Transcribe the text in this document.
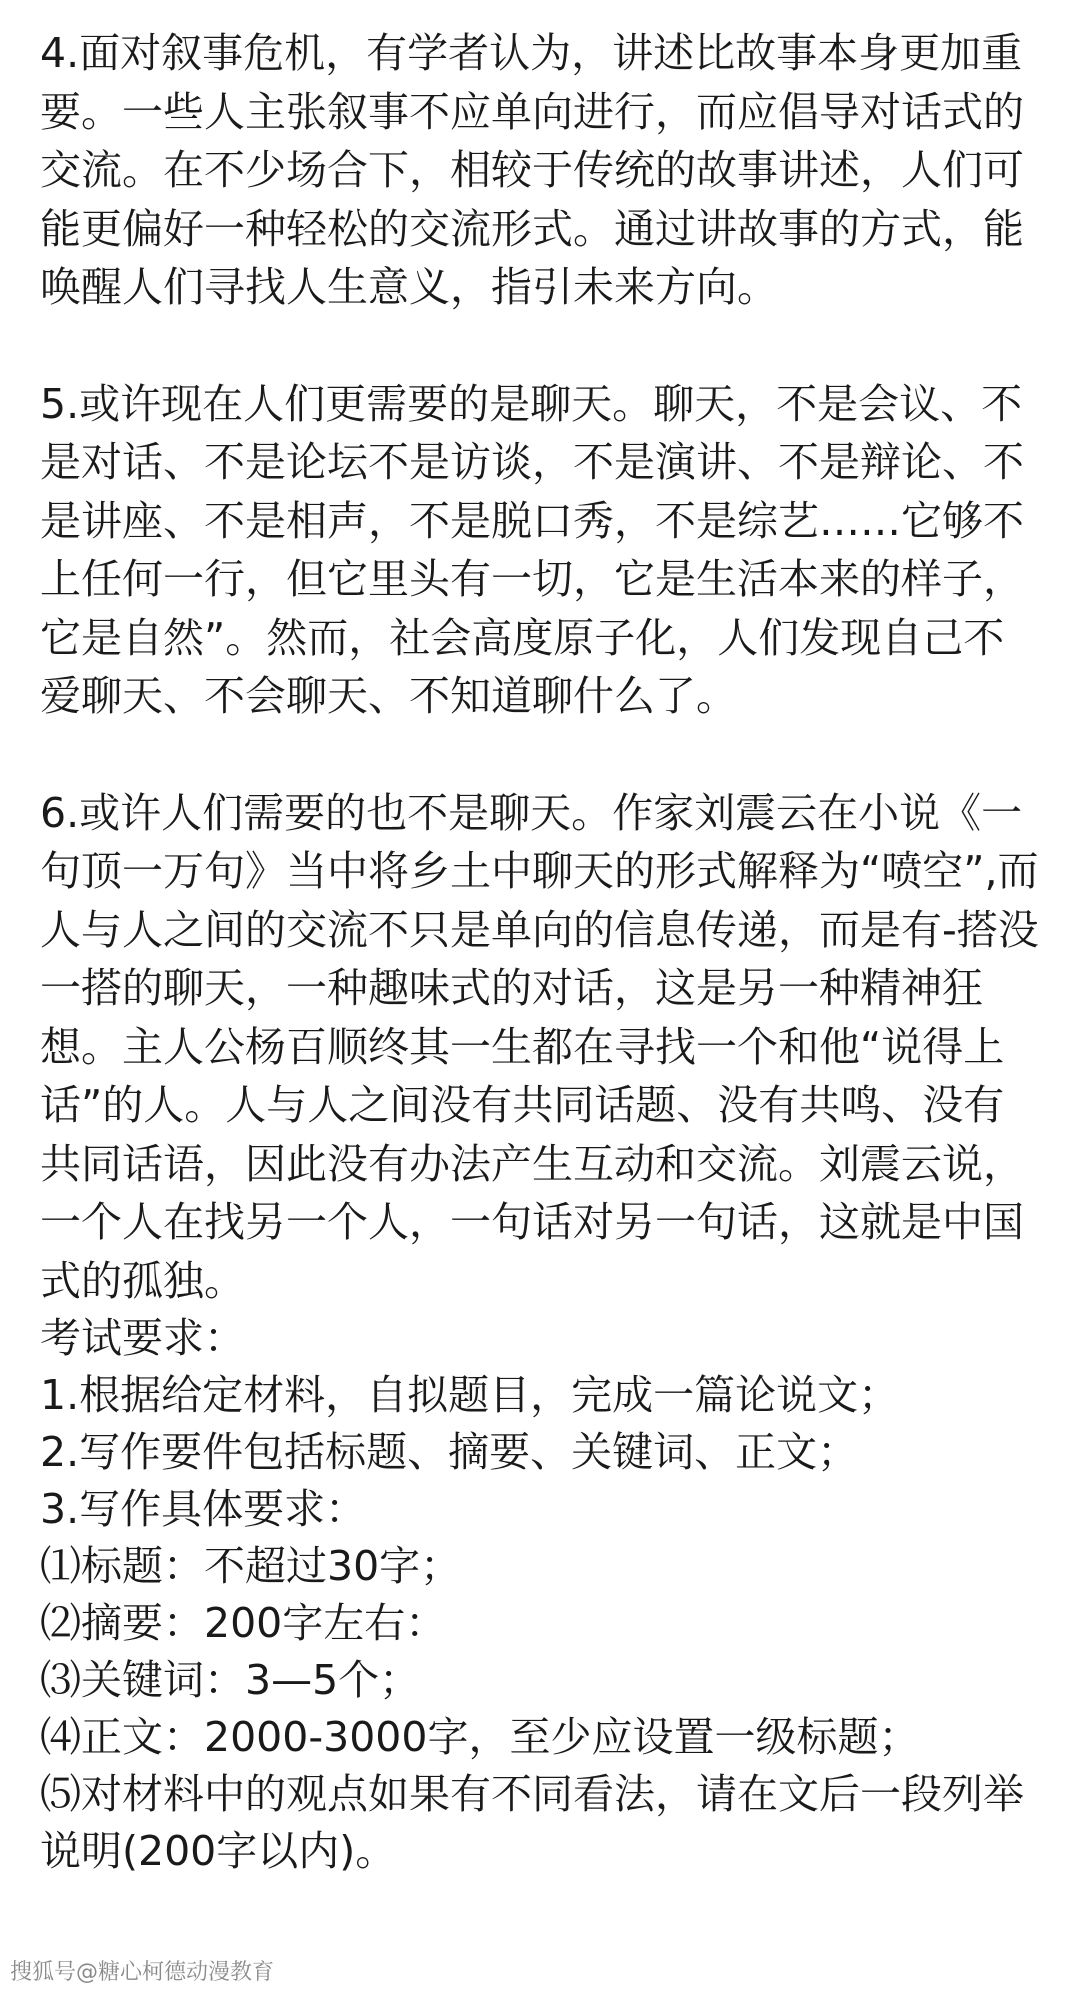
4.面对叙事危机，有学者认为，讲述比故事本身更加重要。一些人主张叙事不应单向进行，而应倡导对话式的交流。在不少场合下，相较于传统的故事讲述，人们可能更偏好一种轻松的交流形式。通过讲故事的方式，能唤醒人们寻找人生意义，指引未来方向。

5.或许现在人们更需要的是聊天。聊天，不是会议、不是对话、不是论坛不是访谈，不是演讲、不是辩论、不是讲座、不是相声，不是脱口秀，不是综艺……它够不上任何一行，但它里头有一切，它是生活本来的样子，它是自然”。然而，社会高度原子化，人们发现自己不爱聊天、不会聊天、不知道聊什么了。

6.或许人们需要的也不是聊天。作家刘震云在小说《一句顶一万句》当中将乡土中聊天的形式解释为“喷空”,而人与人之间的交流不只是单向的信息传递，而是有-搭没一搭的聊天，一种趣味式的对话，这是另一种精神狂想。主人公杨百顺终其一生都在寻找一个和他“说得上话”的人。人与人之间没有共同话题、没有共鸣、没有共同话语，因此没有办法产生互动和交流。刘震云说，一个人在找另一个人，一句话对另一句话，这就是中国式的孤独。

考试要求：

1.根据给定材料，自拟题目，完成一篇论说文；

2.写作要件包括标题、摘要、关键词、正文；

3.写作具体要求：

⑴标题：不超过30字；

⑵摘要：200字左右：

⑶关键词：3—5个；

⑷正文：2000-3000字，至少应设置一级标题；

⑸对材料中的观点如果有不同看法，请在文后一段列举说明(200字以内)。

搜狐号@糖心柯德动漫教育
